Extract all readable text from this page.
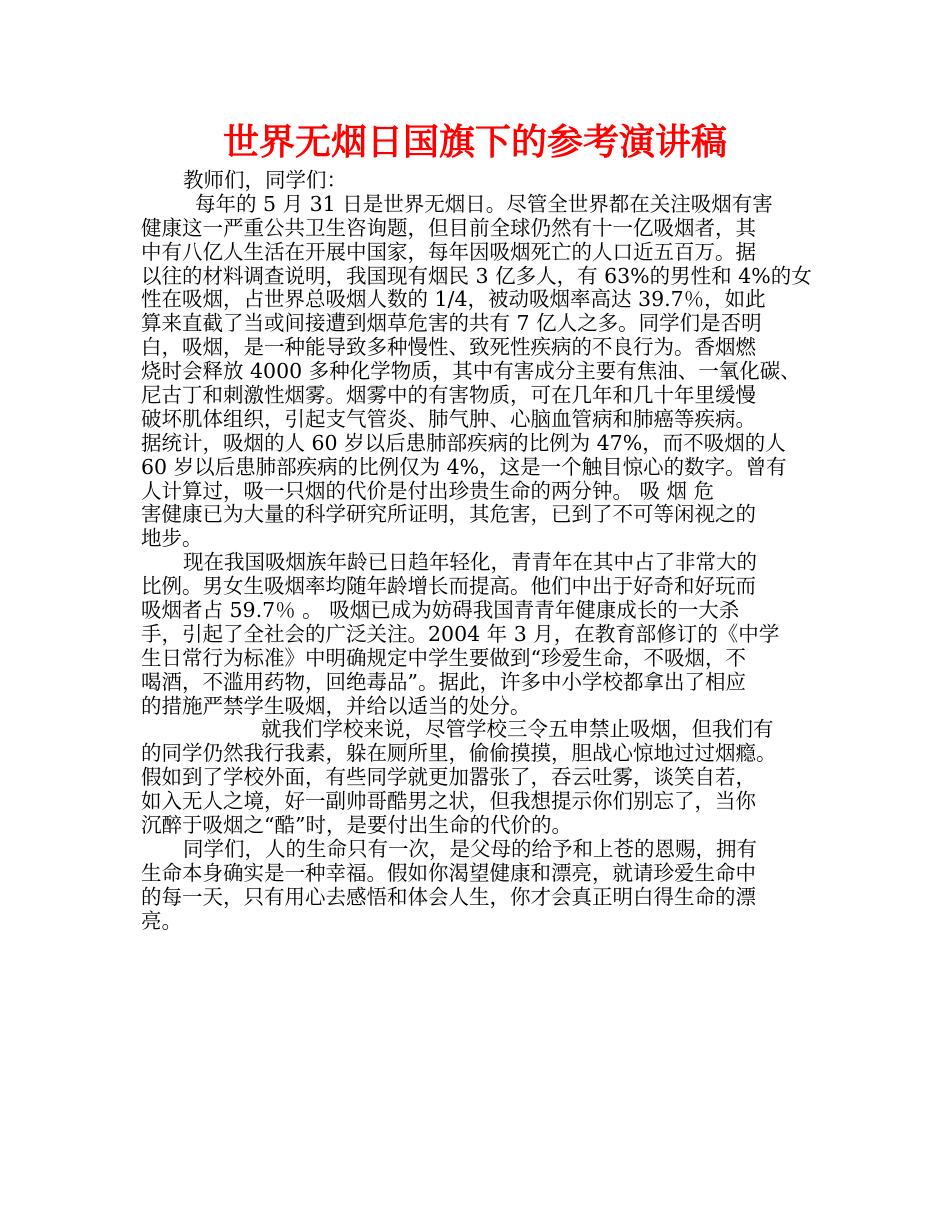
世界无烟日国旗下的参考演讲稿
教师们，同学们：
每年的 5 月 31 日是世界无烟日。尽管全世界都在关注吸烟有害
健康这一严重公共卫生咨询题，但目前全球仍然有十一亿吸烟者，其
中有八亿人生活在开展中国家，每年因吸烟死亡的人口近五百万。据
以往的材料调查说明，我国现有烟民 3 亿多人，有 63%的男性和 4%的女
性在吸烟，占世界总吸烟人数的 1/4，被动吸烟率高达 39.7％，如此
算来直截了当或间接遭到烟草危害的共有 7 亿人之多。同学们是否明
白，吸烟，是一种能导致多种慢性、致死性疾病的不良行为。香烟燃
烧时会释放 4000 多种化学物质，其中有害成分主要有焦油、一氧化碳、
尼古丁和刺激性烟雾。烟雾中的有害物质，可在几年和几十年里缓慢
破坏肌体组织，引起支气管炎、肺气肿、心脑血管病和肺癌等疾病。
据统计，吸烟的人 60 岁以后患肺部疾病的比例为 47%，而不吸烟的人
60 岁以后患肺部疾病的比例仅为 4%，这是一个触目惊心的数字。曾有
人计算过，吸一只烟的代价是付出珍贵生命的两分钟。 吸 烟 危
害健康已为大量的科学研究所证明，其危害，已到了不可等闲视之的
地步。
现在我国吸烟族年龄已日趋年轻化，青青年在其中占了非常大的
比例。男女生吸烟率均随年龄增长而提高。他们中出于好奇和好玩而
吸烟者占 59.7％ 。 吸烟已成为妨碍我国青青年健康成长的一大杀
手，引起了全社会的广泛关注。2004 年 3 月，在教育部修订的《中学
生日常行为标准》中明确规定中学生要做到“珍爱生命，不吸烟，不
喝酒，不滥用药物，回绝毒品”。据此，许多中小学校都拿出了相应
的措施严禁学生吸烟，并给以适当的处分。
就我们学校来说，尽管学校三令五申禁止吸烟，但我们有
的同学仍然我行我素，躲在厕所里，偷偷摸摸，胆战心惊地过过烟瘾。
假如到了学校外面，有些同学就更加嚣张了，吞云吐雾，谈笑自若，
如入无人之境，好一副帅哥酷男之状，但我想提示你们别忘了，当你
沉醉于吸烟之“酷”时，是要付出生命的代价的。
同学们，人的生命只有一次，是父母的给予和上苍的恩赐，拥有
生命本身确实是一种幸福。假如你渴望健康和漂亮，就请珍爱生命中
的每一天，只有用心去感悟和体会人生，你才会真正明白得生命的漂
亮。
